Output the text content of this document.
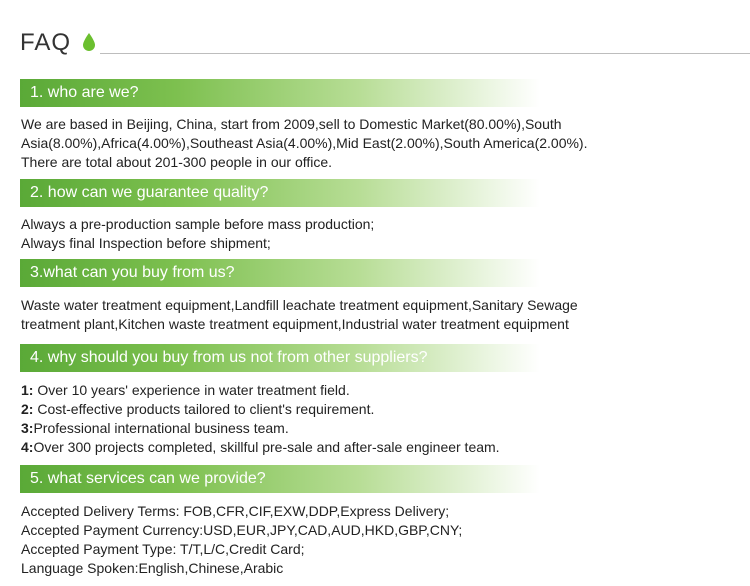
FAQ
1. who are we?
We are based in Beijing, China, start from 2009,sell to Domestic Market(80.00%),South
Asia(8.00%),Africa(4.00%),Southeast Asia(4.00%),Mid East(2.00%),South America(2.00%).
There are total about 201-300 people in our office.
2. how can we guarantee quality?
Always a pre-production sample before mass production;
Always final Inspection before shipment;
3.what can you buy from us?
Waste water treatment equipment,Landfill leachate treatment equipment,Sanitary Sewage
treatment plant,Kitchen waste treatment equipment,Industrial water treatment equipment
4. why should you buy from us not from other suppliers?
1: Over 10 years' experience in water treatment field.
2: Cost-effective products tailored to client's requirement.
3:Professional international business team.
4:Over 300 projects completed, skillful pre-sale and after-sale engineer team.
5. what services can we provide?
Accepted Delivery Terms: FOB,CFR,CIF,EXW,DDP,Express Delivery;
Accepted Payment Currency:USD,EUR,JPY,CAD,AUD,HKD,GBP,CNY;
Accepted Payment Type: T/T,L/C,Credit Card;
Language Spoken:English,Chinese,Arabic
